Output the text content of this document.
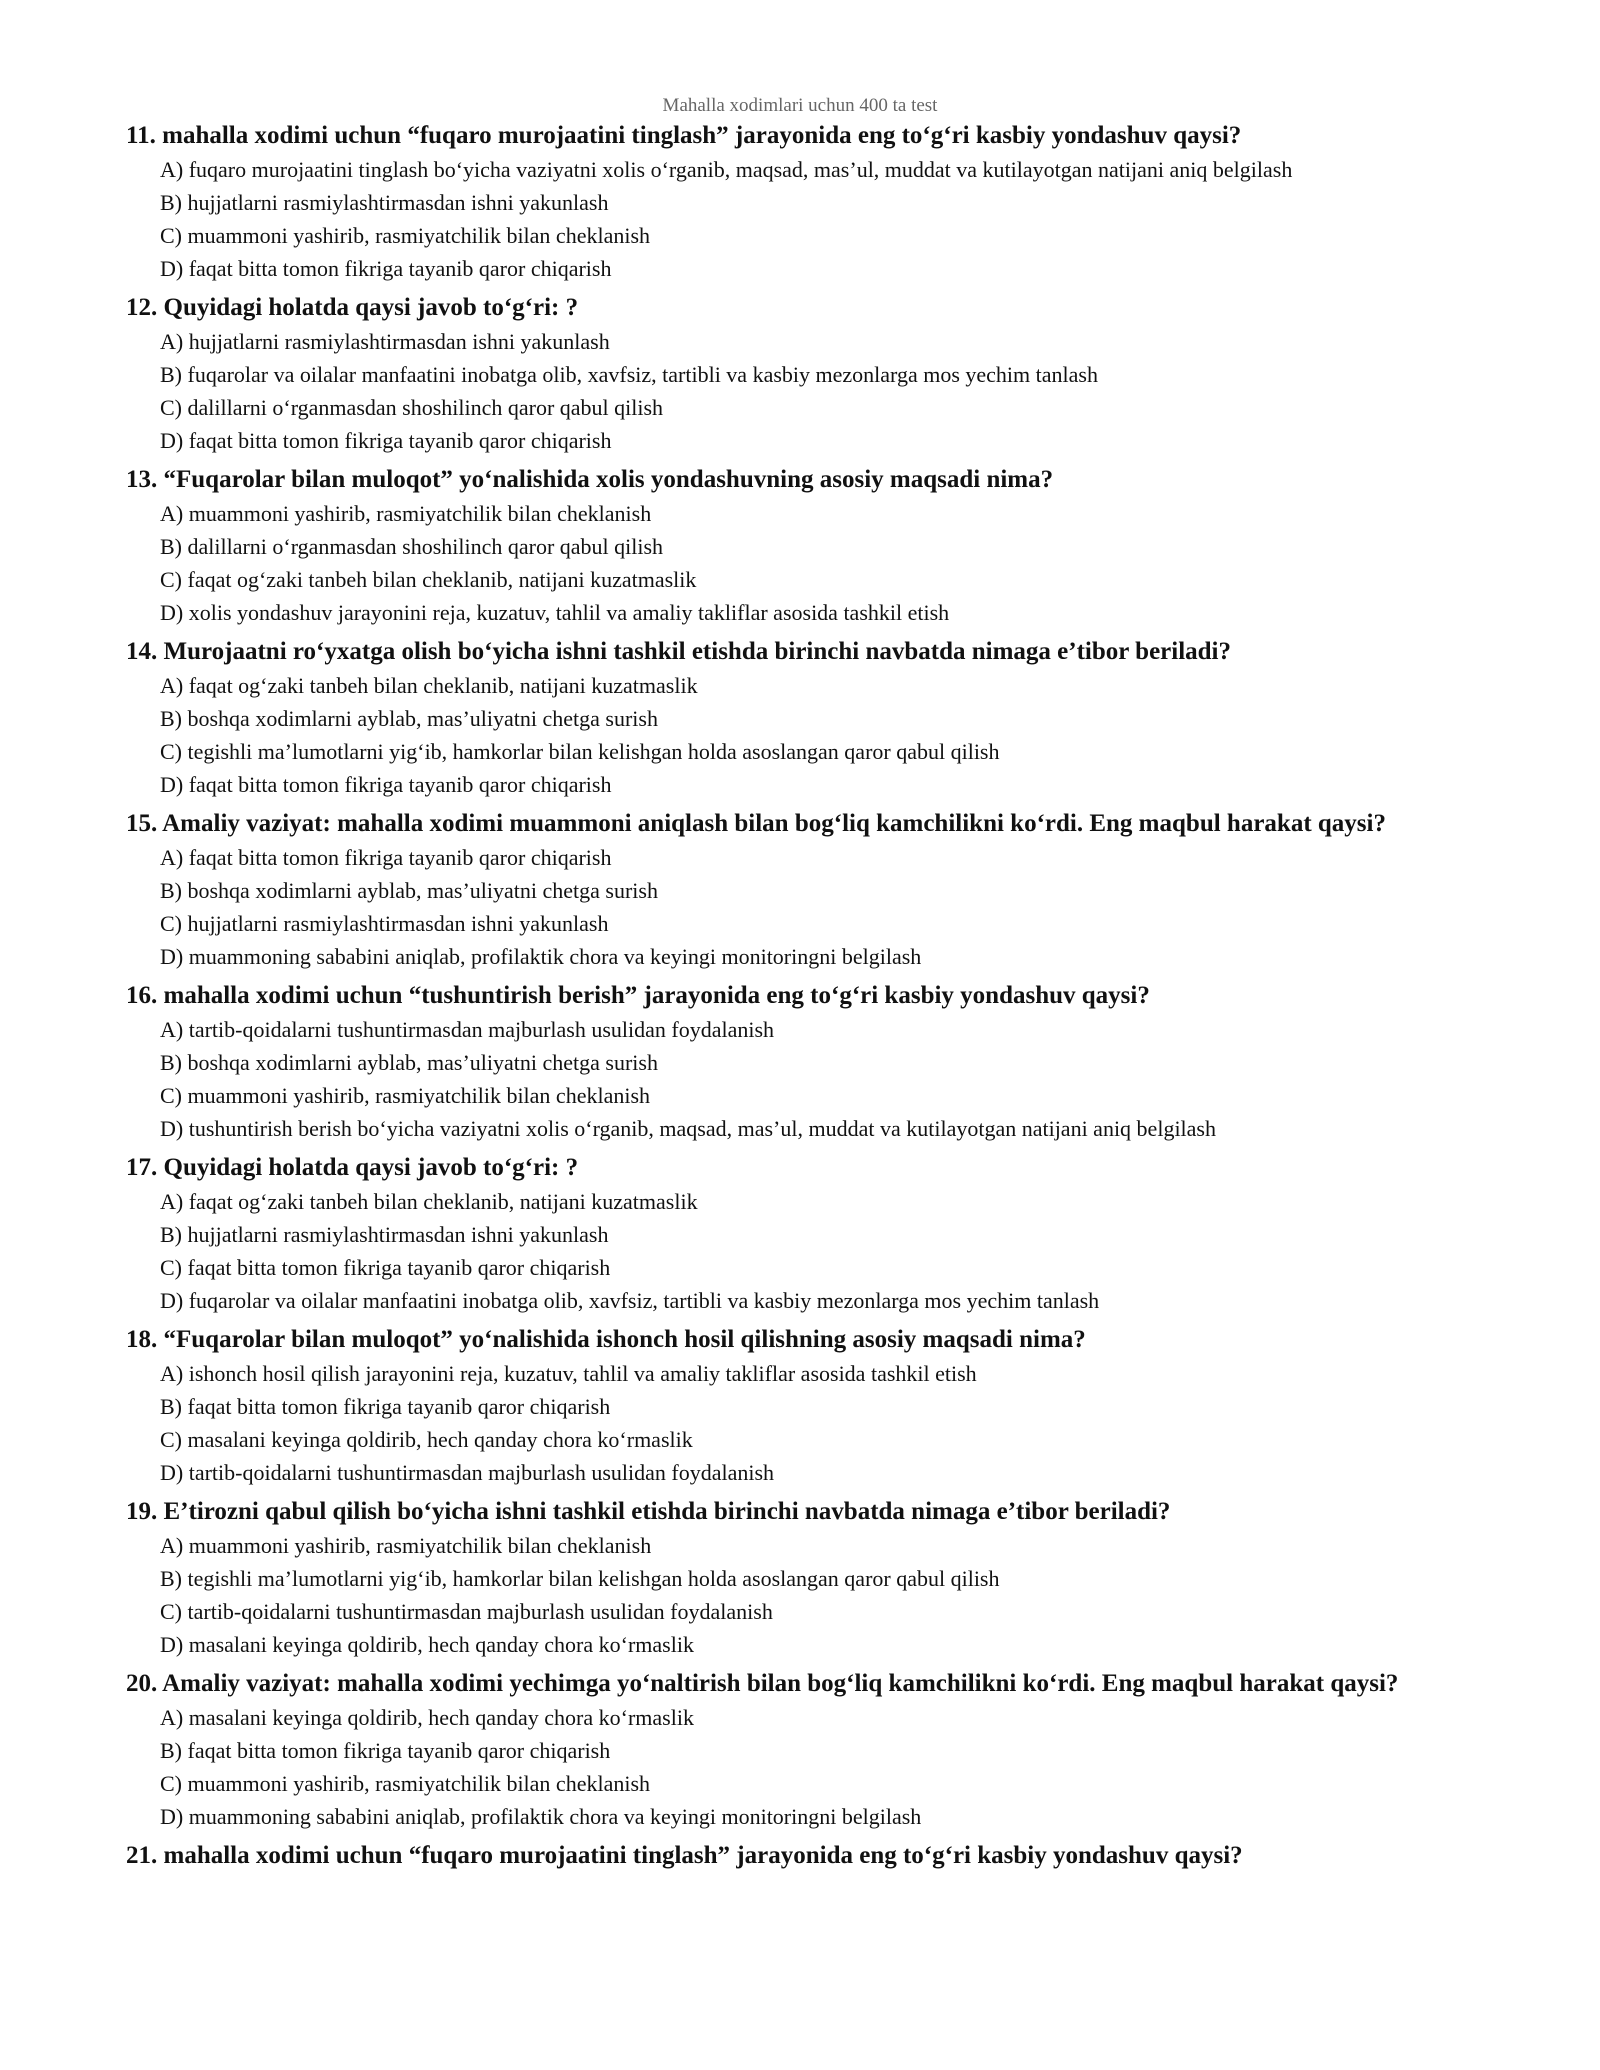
Mahalla xodimlari uchun 400 ta test
11. mahalla xodimi uchun “fuqaro murojaatini tinglash” jarayonida eng to‘g‘ri kasbiy yondashuv qaysi?
A) fuqaro murojaatini tinglash bo‘yicha vaziyatni xolis o‘rganib, maqsad, mas’ul, muddat va kutilayotgan natijani aniq belgilash
B) hujjatlarni rasmiylashtirmasdan ishni yakunlash
C) muammoni yashirib, rasmiyatchilik bilan cheklanish
D) faqat bitta tomon fikriga tayanib qaror chiqarish
12. Quyidagi holatda qaysi javob to‘g‘ri: ?
A) hujjatlarni rasmiylashtirmasdan ishni yakunlash
B) fuqarolar va oilalar manfaatini inobatga olib, xavfsiz, tartibli va kasbiy mezonlarga mos yechim tanlash
C) dalillarni o‘rganmasdan shoshilinch qaror qabul qilish
D) faqat bitta tomon fikriga tayanib qaror chiqarish
13. “Fuqarolar bilan muloqot” yo‘nalishida xolis yondashuvning asosiy maqsadi nima?
A) muammoni yashirib, rasmiyatchilik bilan cheklanish
B) dalillarni o‘rganmasdan shoshilinch qaror qabul qilish
C) faqat og‘zaki tanbeh bilan cheklanib, natijani kuzatmaslik
D) xolis yondashuv jarayonini reja, kuzatuv, tahlil va amaliy takliflar asosida tashkil etish
14. Murojaatni ro‘yxatga olish bo‘yicha ishni tashkil etishda birinchi navbatda nimaga e’tibor beriladi?
A) faqat og‘zaki tanbeh bilan cheklanib, natijani kuzatmaslik
B) boshqa xodimlarni ayblab, mas’uliyatni chetga surish
C) tegishli ma’lumotlarni yig‘ib, hamkorlar bilan kelishgan holda asoslangan qaror qabul qilish
D) faqat bitta tomon fikriga tayanib qaror chiqarish
15. Amaliy vaziyat: mahalla xodimi muammoni aniqlash bilan bog‘liq kamchilikni ko‘rdi. Eng maqbul harakat qaysi?
A) faqat bitta tomon fikriga tayanib qaror chiqarish
B) boshqa xodimlarni ayblab, mas’uliyatni chetga surish
C) hujjatlarni rasmiylashtirmasdan ishni yakunlash
D) muammoning sababini aniqlab, profilaktik chora va keyingi monitoringni belgilash
16. mahalla xodimi uchun “tushuntirish berish” jarayonida eng to‘g‘ri kasbiy yondashuv qaysi?
A) tartib-qoidalarni tushuntirmasdan majburlash usulidan foydalanish
B) boshqa xodimlarni ayblab, mas’uliyatni chetga surish
C) muammoni yashirib, rasmiyatchilik bilan cheklanish
D) tushuntirish berish bo‘yicha vaziyatni xolis o‘rganib, maqsad, mas’ul, muddat va kutilayotgan natijani aniq belgilash
17. Quyidagi holatda qaysi javob to‘g‘ri: ?
A) faqat og‘zaki tanbeh bilan cheklanib, natijani kuzatmaslik
B) hujjatlarni rasmiylashtirmasdan ishni yakunlash
C) faqat bitta tomon fikriga tayanib qaror chiqarish
D) fuqarolar va oilalar manfaatini inobatga olib, xavfsiz, tartibli va kasbiy mezonlarga mos yechim tanlash
18. “Fuqarolar bilan muloqot” yo‘nalishida ishonch hosil qilishning asosiy maqsadi nima?
A) ishonch hosil qilish jarayonini reja, kuzatuv, tahlil va amaliy takliflar asosida tashkil etish
B) faqat bitta tomon fikriga tayanib qaror chiqarish
C) masalani keyinga qoldirib, hech qanday chora ko‘rmaslik
D) tartib-qoidalarni tushuntirmasdan majburlash usulidan foydalanish
19. E’tirozni qabul qilish bo‘yicha ishni tashkil etishda birinchi navbatda nimaga e’tibor beriladi?
A) muammoni yashirib, rasmiyatchilik bilan cheklanish
B) tegishli ma’lumotlarni yig‘ib, hamkorlar bilan kelishgan holda asoslangan qaror qabul qilish
C) tartib-qoidalarni tushuntirmasdan majburlash usulidan foydalanish
D) masalani keyinga qoldirib, hech qanday chora ko‘rmaslik
20. Amaliy vaziyat: mahalla xodimi yechimga yo‘naltirish bilan bog‘liq kamchilikni ko‘rdi. Eng maqbul harakat qaysi?
A) masalani keyinga qoldirib, hech qanday chora ko‘rmaslik
B) faqat bitta tomon fikriga tayanib qaror chiqarish
C) muammoni yashirib, rasmiyatchilik bilan cheklanish
D) muammoning sababini aniqlab, profilaktik chora va keyingi monitoringni belgilash
21. mahalla xodimi uchun “fuqaro murojaatini tinglash” jarayonida eng to‘g‘ri kasbiy yondashuv qaysi?
